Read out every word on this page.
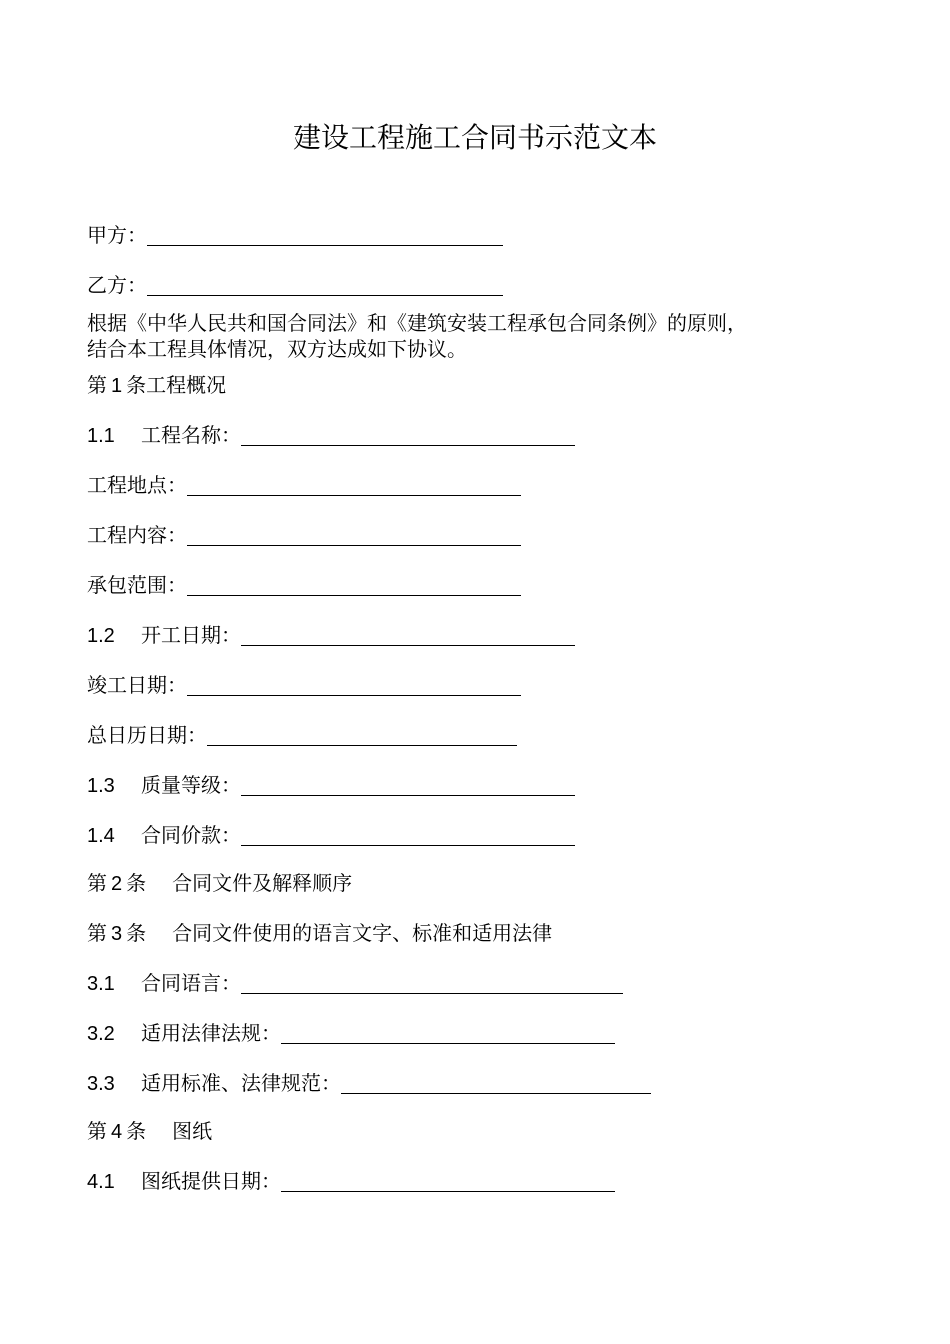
建设工程施工合同书示范文本
甲方：
乙方：
根据《中华人民共和国合同法》和《建筑安装工程承包合同条例》的原则，
结合本工程具体情况，双方达成如下协议。
第 1 条工程概况
1.1 工程名称：
工程地点：
工程内容：
承包范围：
1.2 开工日期：
竣工日期：
总日历日期：
1.3 质量等级：
1.4 合同价款：
第 2 条 合同文件及解释顺序
第 3 条 合同文件使用的语言文字、标准和适用法律
3.1 合同语言：
3.2 适用法律法规：
3.3 适用标准、法律规范：
第 4 条 图纸
4.1 图纸提供日期：
